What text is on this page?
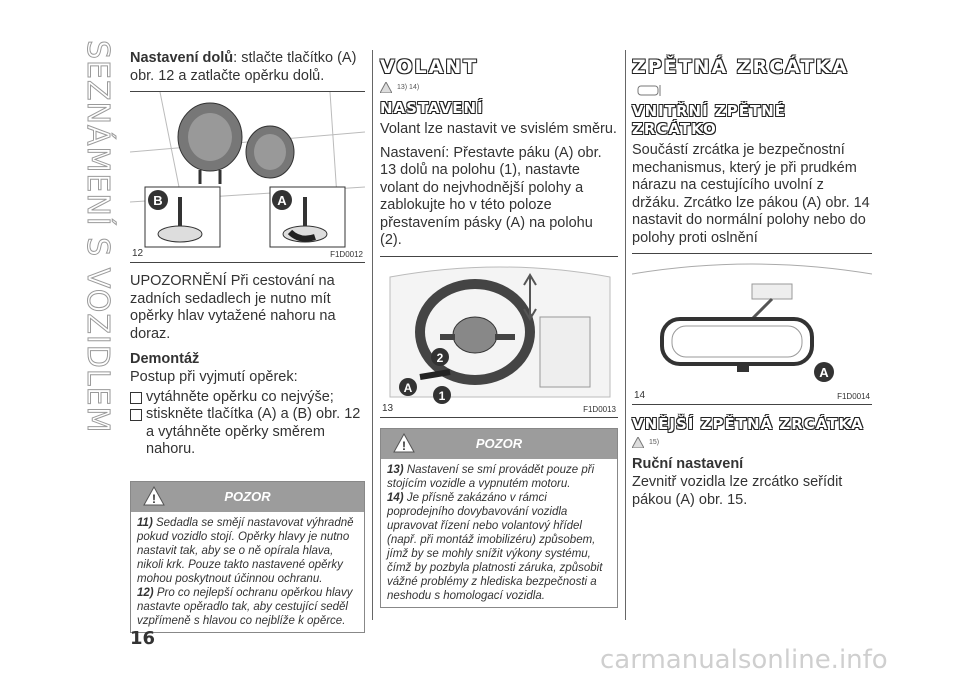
SEZNÁMENÍ S VOZIDLEM Nastavení dolů: stlačte tlačítko (A) obr. 12 a zatlačte opěrku dolů.

B	A
12	F1D0012

UPOZORNĚNÍ Při cestování na zadních sedadlech je nutno mít opěrky hlav vytažené nahoru na doraz.

Demontáž

Postup při vyjmutí opěrek:

vytáhněte opěrku co nejvýše;
stiskněte tlačítka (A) a (B) obr. 12 a vytáhněte opěrky směrem nahoru.
!	POZOR
11) Sedadla se smějí nastavovat výhradně pokud vozidlo stojí. Opěrky hlavy je nutno nastavit tak, aby se o ně opírala hlava, nikoli krk. Pouze takto nastavené opěrky mohou poskytnout účinnou ochranu.
12) Pro co nejlepší ochranu opěrkou hlavy nastavte opěradlo tak, aby cestující seděl vzpřímeně s hlavou co nejblíže k opěrce.
VOLANT
13) 14)
NASTAVENÍ

Volant lze nastavit ve svislém směru.

Nastavení: Přestavte páku (A) obr. 13 dolů na polohu (1), nastavte volant do nejvhodnější polohy a zablokujte ho v této poloze přestavením pásky (A) na polohu (2).

2
A
1
13	F1D0013
!	POZOR
13) Nastavení se smí provádět pouze při stojícím vozidle a vypnutém motoru.
14) Je přísně zakázáno v rámci poprodejního dovybavování vozidla upravovat řízení nebo volantový hřídel (např. při montáž imobilizéru) způsobem, jímž by se mohly snížit výkony systému, čímž by pozbyla platnosti záruka, způsobit vážné problémy z hlediska bezpečnosti a neshodu s homologací vozidla.
ZPĚTNÁ ZRCÁTKA
VNITŘNÍ ZPĚTNÉ ZRCÁTKO

Součástí zrcátka je bezpečnostní mechanismus, který je při prudkém nárazu na cestujícího uvolní z držáku. Zrcátko lze pákou (A) obr. 14 nastavit do normální polohy nebo do polohy proti oslnění

A
14	F1D0014
VNĚJŠÍ ZPĚTNÁ ZRCÁTKA
15)
Ruční nastavení

Zevnitř vozidla lze zrcátko seřídit pákou (A) obr. 15.

16
carmanualsonline.info
